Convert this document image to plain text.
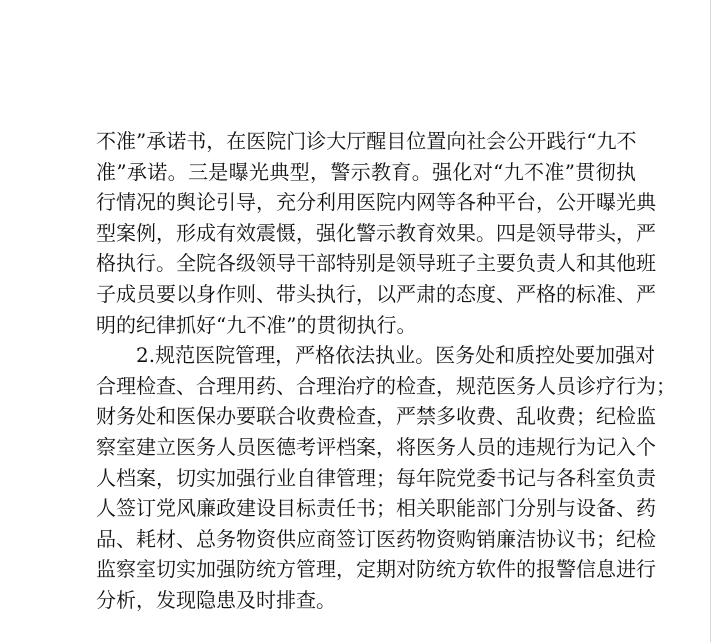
不准”承诺书，在医院门诊大厅醒目位置向社会公开践行“九不
准”承诺。三是曝光典型，警示教育。强化对“九不准”贯彻执
行情况的舆论引导，充分利用医院内网等各种平台，公开曝光典
型案例，形成有效震慑，强化警示教育效果。四是领导带头，严
格执行。全院各级领导干部特别是领导班子主要负责人和其他班
子成员要以身作则、带头执行，以严肃的态度、严格的标准、严
明的纪律抓好“九不准”的贯彻执行。
2.规范医院管理，严格依法执业。医务处和质控处要加强对
合理检查、合理用药、合理治疗的检查，规范医务人员诊疗行为；
财务处和医保办要联合收费检查，严禁多收费、乱收费；纪检监
察室建立医务人员医德考评档案，将医务人员的违规行为记入个
人档案，切实加强行业自律管理；每年院党委书记与各科室负责
人签订党风廉政建设目标责任书；相关职能部门分别与设备、药
品、耗材、总务物资供应商签订医药物资购销廉洁协议书；纪检
监察室切实加强防统方管理，定期对防统方软件的报警信息进行
分析，发现隐患及时排查。
